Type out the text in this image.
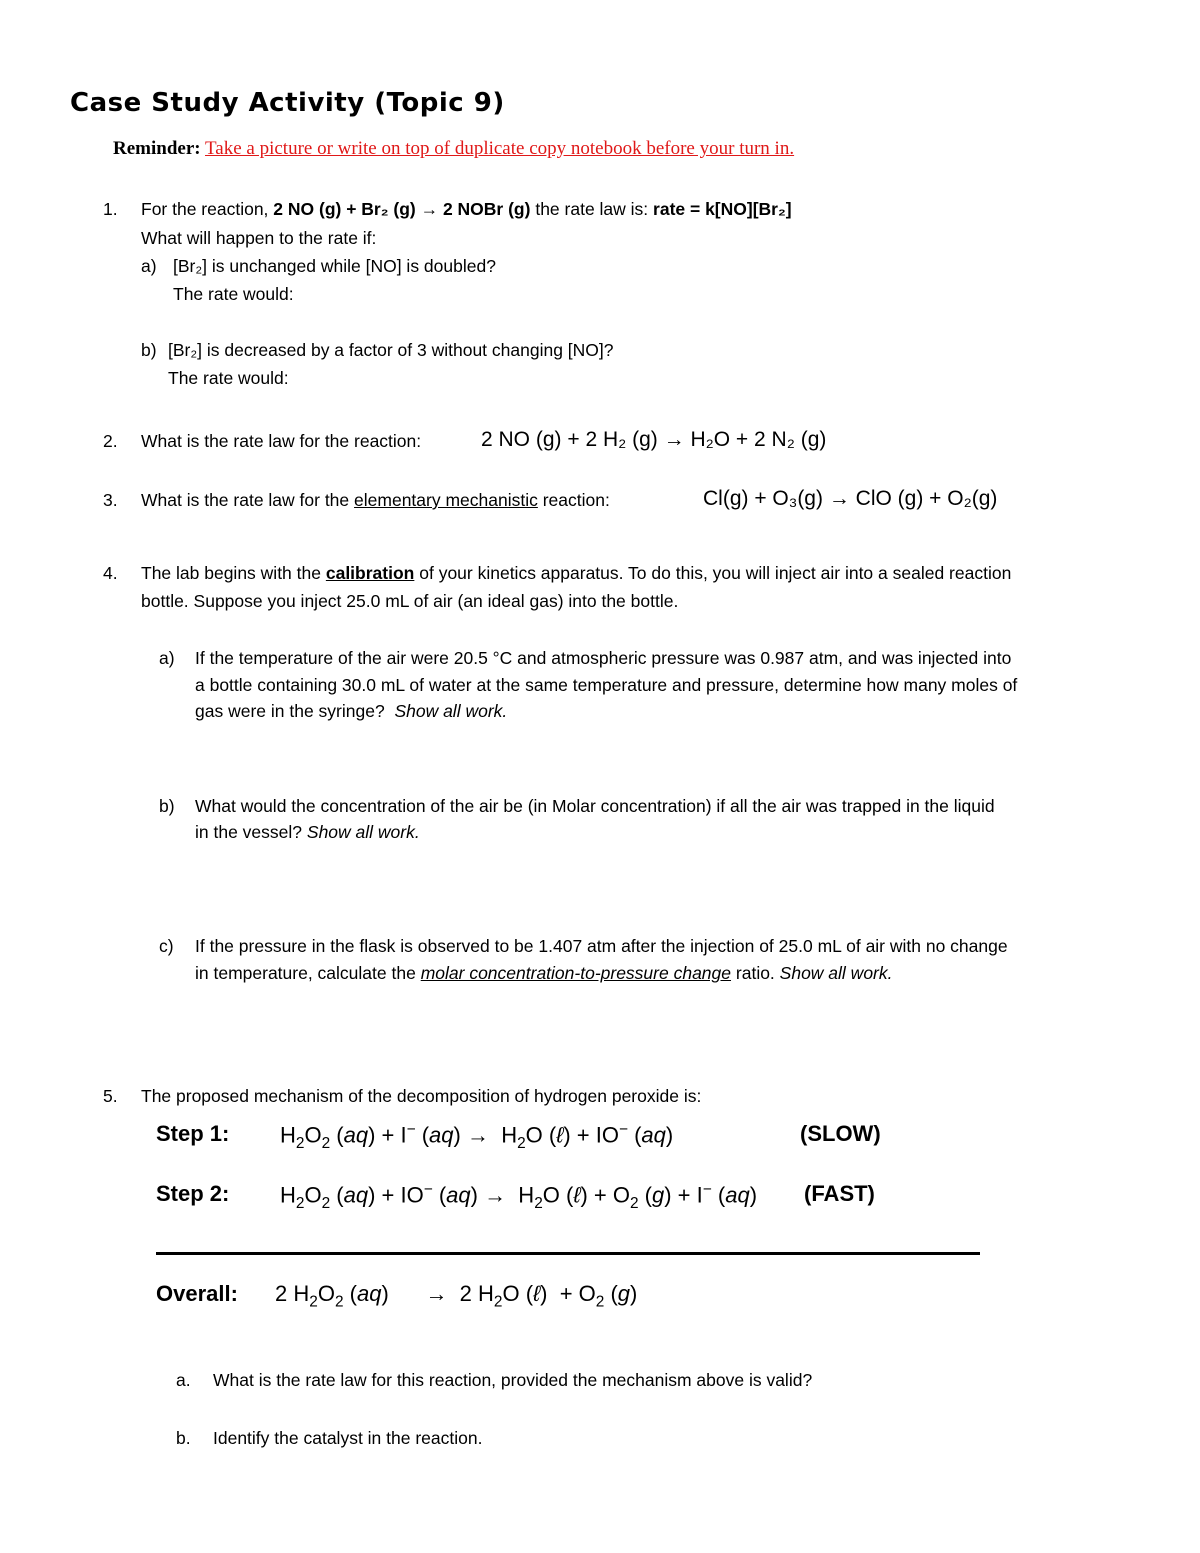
Case Study Activity (Topic 9)
Reminder: Take a picture or write on top of duplicate copy notebook before your turn in.
1. For the reaction, 2 NO (g) + Br₂ (g) → 2 NOBr (g) the rate law is: rate = k[NO][Br₂]
What will happen to the rate if:
a) [Br₂] is unchanged while [NO] is doubled?
The rate would:
b) [Br₂] is decreased by a factor of 3 without changing [NO]?
The rate would:
2. What is the rate law for the reaction:	2 NO (g) + 2 H₂ (g) → H₂O + 2 N₂ (g)
3. What is the rate law for the elementary mechanistic reaction:	Cl(g) + O₃(g) → ClO (g) + O₂(g)
4. The lab begins with the calibration of your kinetics apparatus. To do this, you will inject air into a sealed reaction
bottle. Suppose you inject 25.0 mL of air (an ideal gas) into the bottle.
a) If the temperature of the air were 20.5 °C and atmospheric pressure was 0.987 atm, and was injected into
a bottle containing 30.0 mL of water at the same temperature and pressure, determine how many moles of
gas were in the syringe? Show all work.
b) What would the concentration of the air be (in Molar concentration) if all the air was trapped in the liquid
in the vessel? Show all work.
c) If the pressure in the flask is observed to be 1.407 atm after the injection of 25.0 mL of air with no change
in temperature, calculate the molar concentration-to-pressure change ratio. Show all work.
5. The proposed mechanism of the decomposition of hydrogen peroxide is:
Step 1: $H_2O_2$ (aq) + I− $(aq) \to H_2O$ (ℓ) + IO− (aq)	(SLOW)
Step 2: $H_2O_2$ (aq) + IO− $(aq) \to H_2O$ (ℓ) + $O_2$ (g) + I− (aq) (FAST)
Overall: 2 $H_2O_2$ (aq)      →  2 $H_2O$ (ℓ)  + $O_2$ (g)
a. What is the rate law for this reaction, provided the mechanism above is valid?
b. Identify the catalyst in the reaction.
